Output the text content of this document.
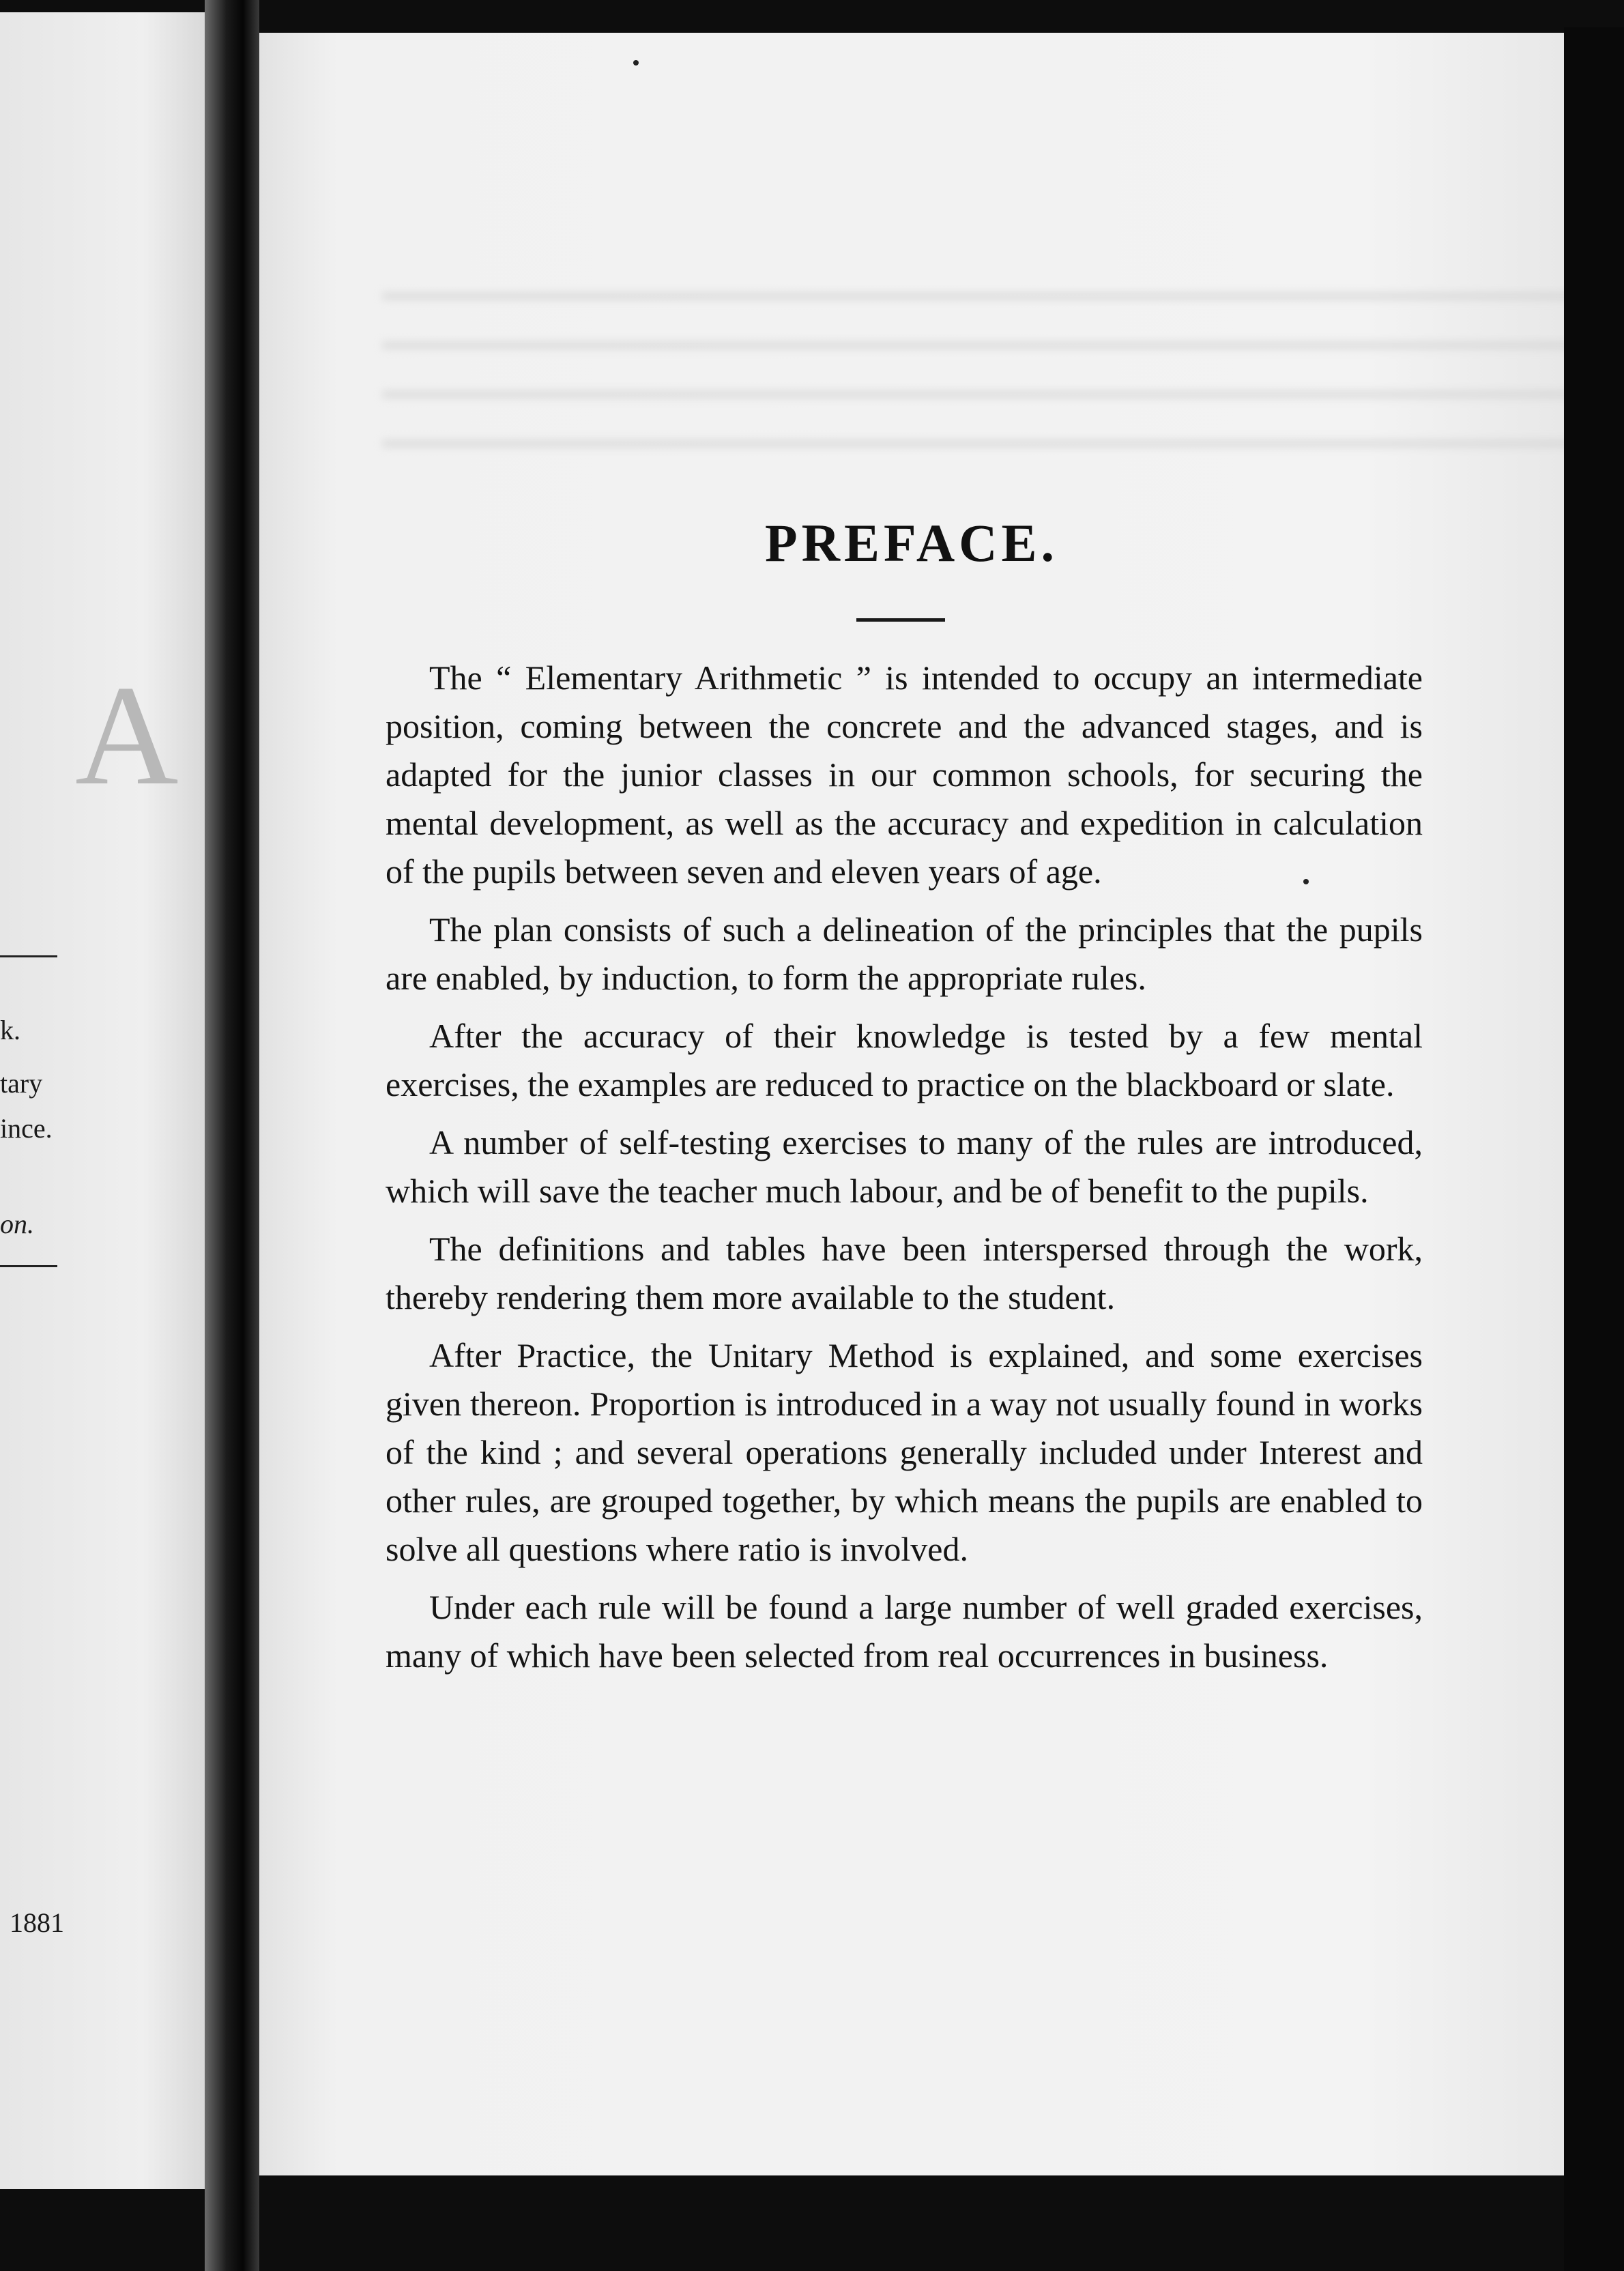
A
k.
tary
ince.
on.
1881
PREFACE.

The “ Elementary Arithmetic ” is intended to occupy an intermediate position, coming between the concrete and the advanced stages, and is adapted for the junior classes in our common schools, for securing the mental development, as well as the accuracy and expedition in calculation of the pupils between seven and eleven years of age.

The plan consists of such a delineation of the principles that the pupils are enabled, by induction, to form the appropriate rules.

After the accuracy of their knowledge is tested by a few mental exercises, the examples are reduced to practice on the blackboard or slate.

A number of self-testing exercises to many of the rules are introduced, which will save the teacher much labour, and be of benefit to the pupils.

The definitions and tables have been interspersed through the work, thereby rendering them more available to the student.

After Practice, the Unitary Method is explained, and some exercises given thereon. Proportion is introduced in a way not usually found in works of the kind ; and several operations generally included under Interest and other rules, are grouped together, by which means the pupils are enabled to solve all questions where ratio is involved.

Under each rule will be found a large number of well graded exercises, many of which have been selected from real occurrences in business.
